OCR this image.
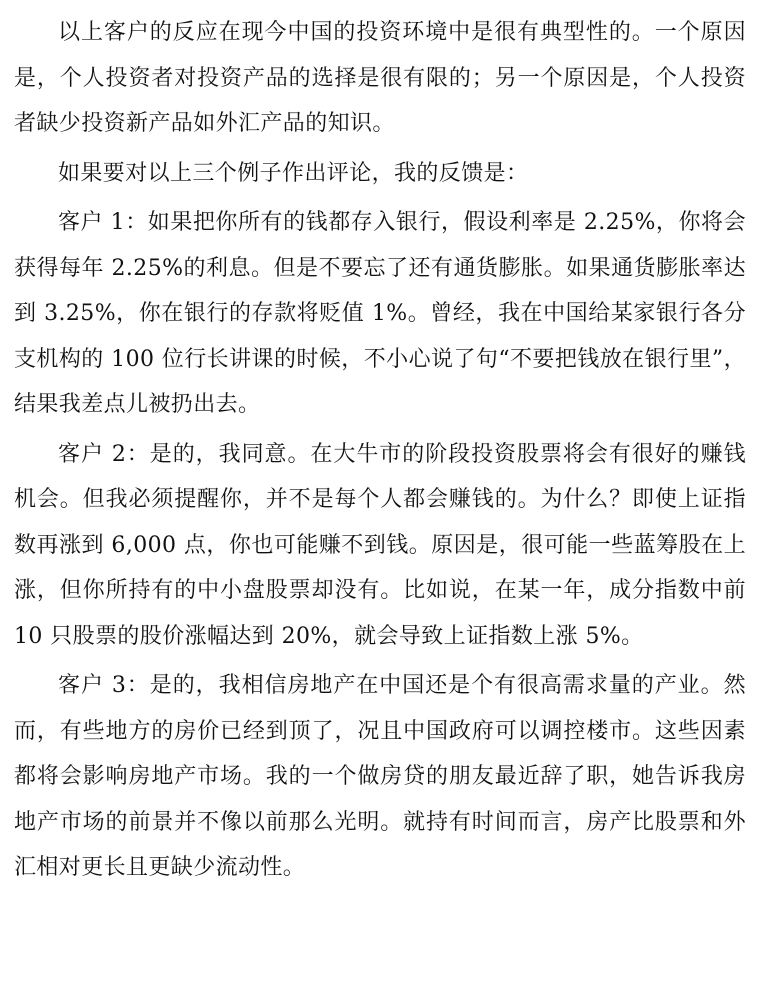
以上客户的反应在现今中国的投资环境中是很有典型性的。一个原因是，个人投资者对投资产品的选择是很有限的；另一个原因是，个人投资者缺少投资新产品如外汇产品的知识。

如果要对以上三个例子作出评论，我的反馈是：

客户 1：如果把你所有的钱都存入银行，假设利率是 2.25%，你将会获得每年 2.25%的利息。但是不要忘了还有通货膨胀。如果通货膨胀率达到 3.25%，你在银行的存款将贬值 1%。曾经，我在中国给某家银行各分支机构的 100 位行长讲课的时候，不小心说了句“不要把钱放在银行里”，结果我差点儿被扔出去。

客户 2：是的，我同意。在大牛市的阶段投资股票将会有很好的赚钱机会。但我必须提醒你，并不是每个人都会赚钱的。为什么？即使上证指数再涨到 6,000 点，你也可能赚不到钱。原因是，很可能一些蓝筹股在上涨，但你所持有的中小盘股票却没有。比如说，在某一年，成分指数中前 10 只股票的股价涨幅达到 20%，就会导致上证指数上涨 5%。

客户 3：是的，我相信房地产在中国还是个有很高需求量的产业。然而，有些地方的房价已经到顶了，况且中国政府可以调控楼市。这些因素都将会影响房地产市场。我的一个做房贷的朋友最近辞了职，她告诉我房地产市场的前景并不像以前那么光明。就持有时间而言，房产比股票和外汇相对更长且更缺少流动性。
